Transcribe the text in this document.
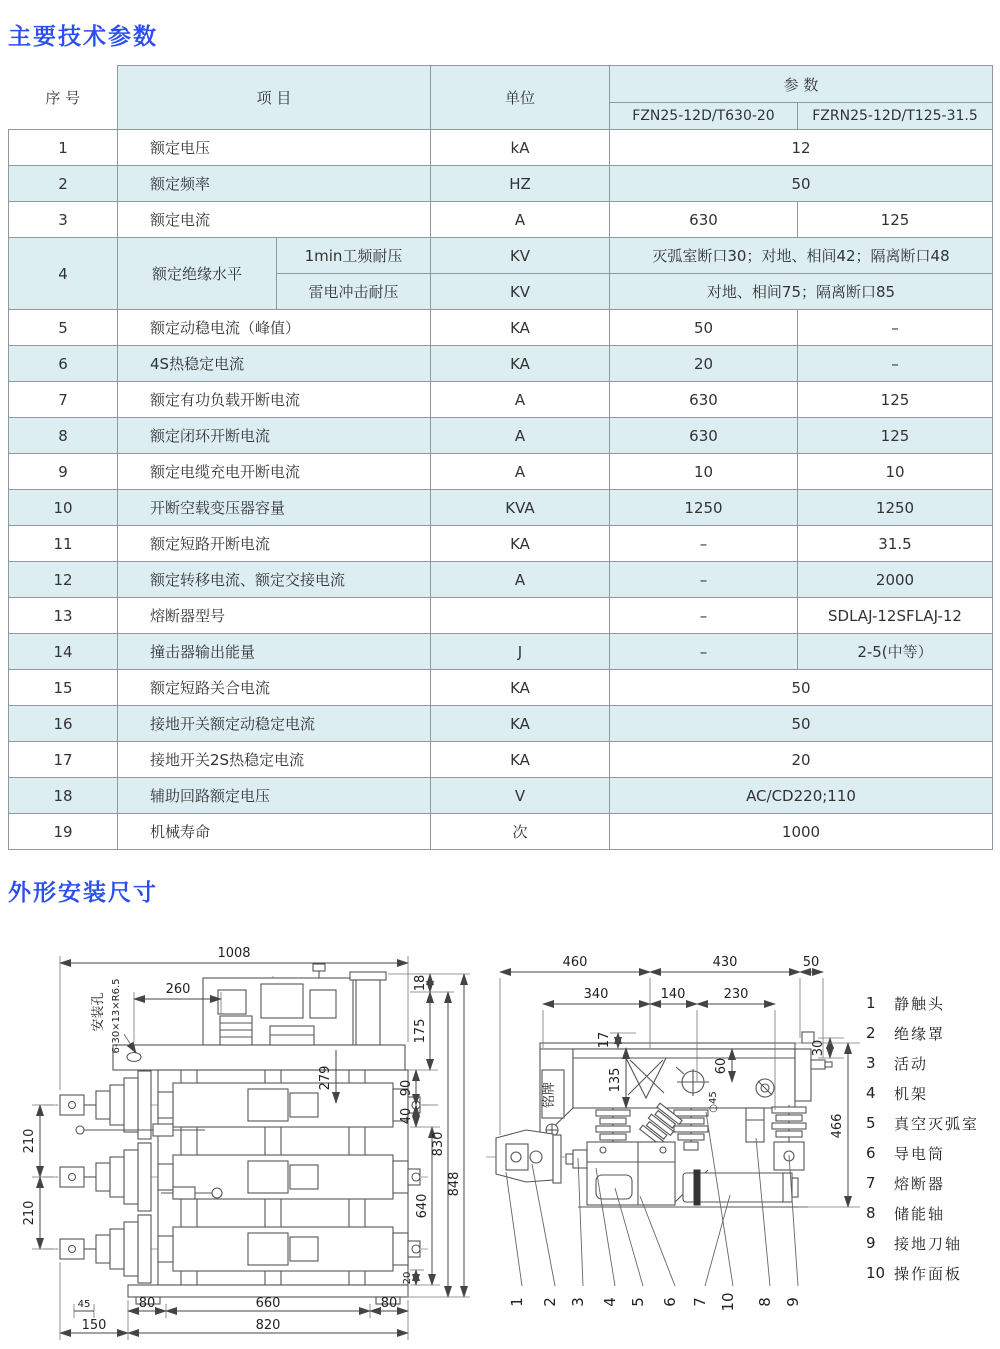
主要技术参数
序 号	项 目		单位	参 数	
				FZN25-12D/T630-20	FZRN25-12D/T125-31.5
1	额定电压		kA	12	
2	额定频率		HZ	50	
3	额定电流		A	630	125
4	额定绝缘水平	1min工频耐压	KV	灭弧室断口30；对地、相间42；隔离断口48	
		雷电冲击耐压	KV	对地、相间75；隔离断口85	
5	额定动稳电流（峰值）		KA	50	–
6	4S热稳定电流		KA	20	–
7	额定有功负载开断电流		A	630	125
8	额定闭环开断电流		A	630	125
9	额定电缆充电开断电流		A	10	10
10	开断空载变压器容量		KVA	1250	1250
11	额定短路开断电流		KA	–	31.5
12	额定转移电流、额定交接电流		A	–	2000
13	熔断器型号			–	SDLAJ-12SFLAJ-12
14	撞击器输出能量		J	–	2-5(中等）
15	额定短路关合电流		KA	50	
16	接地开关额定动稳定电流		KA	50	
17	接地开关2S热稳定电流		KA	20	
18	辅助回路额定电压		V	AC/CD220;110	
19	机械寿命		次	1000	
外形安装尺寸
1008
260
安装孔 6-30×13×R6.5	18
175
90
40
640
20
830
848
279
210
210
45	80	660	80
150	820
铭牌
460	430	50
340	140	230
17
135
60
○45
30
466
1 2 3 4 5 6 7 10 8 9
1	静触头
2	绝缘罩
3	活动
4	机架
5	真空灭弧室
6	导电筒
7	熔断器
8	储能轴
9	接地刀轴
10 操作面板
